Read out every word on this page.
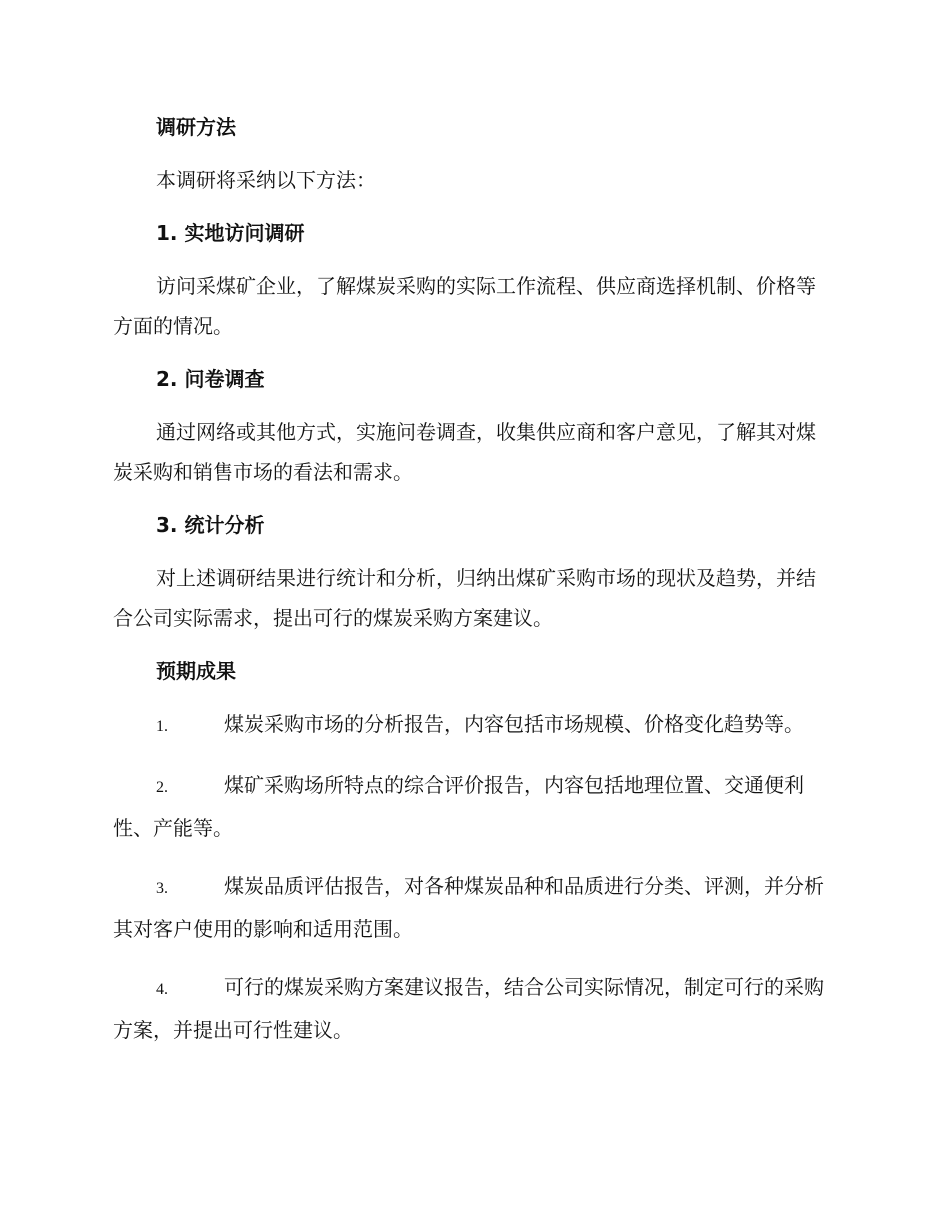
调研方法

本调研将采纳以下方法：

1. 实地访问调研

访问采煤矿企业，了解煤炭采购的实际工作流程、供应商选择机制、价格等方面的情况。

2. 问卷调查

通过网络或其他方式，实施问卷调查，收集供应商和客户意见，了解其对煤炭采购和销售市场的看法和需求。

3. 统计分析

对上述调研结果进行统计和分析，归纳出煤矿采购市场的现状及趋势，并结合公司实际需求，提出可行的煤炭采购方案建议。

预期成果

1.	煤炭采购市场的分析报告，内容包括市场规模、价格变化趋势等。

2.	煤矿采购场所特点的综合评价报告，内容包括地理位置、交通便利性、产能等。

3.	煤炭品质评估报告，对各种煤炭品种和品质进行分类、评测，并分析其对客户使用的影响和适用范围。

4.	可行的煤炭采购方案建议报告，结合公司实际情况，制定可行的采购方案，并提出可行性建议。
